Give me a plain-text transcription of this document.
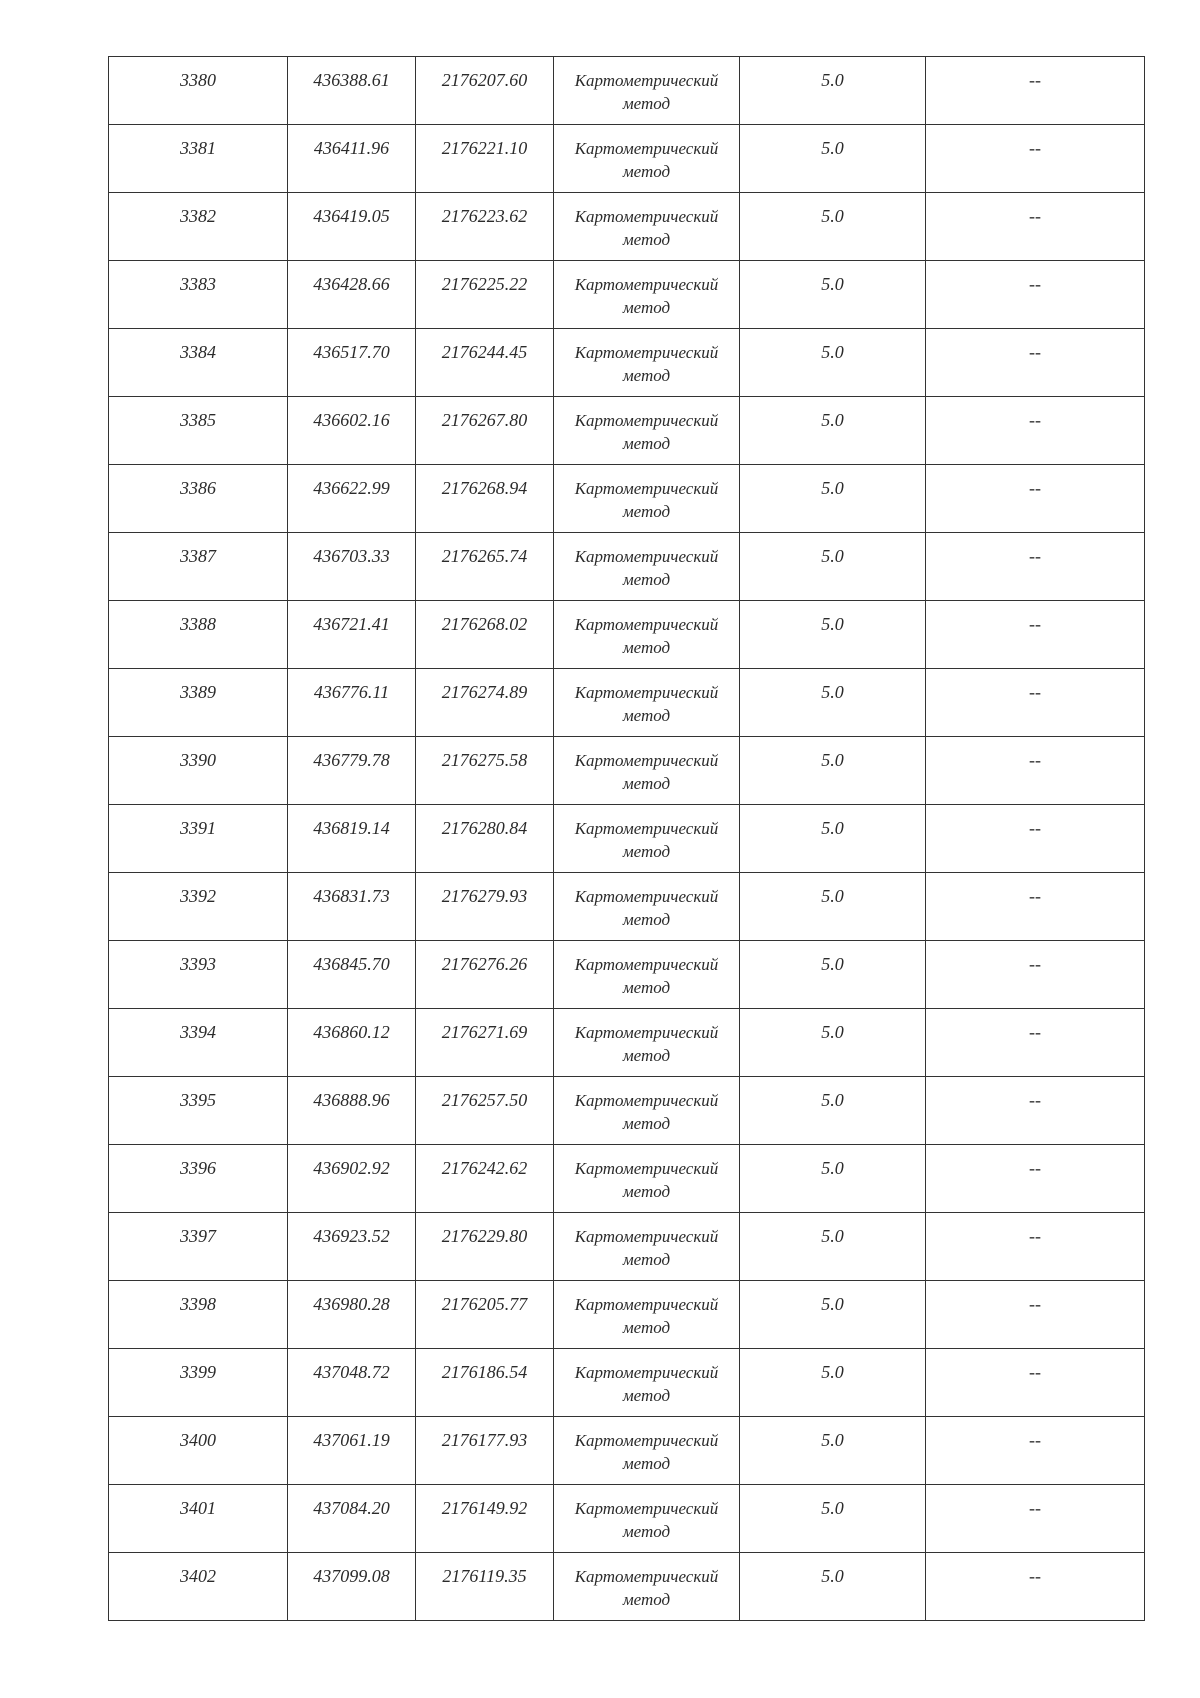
3380	436388.61	2176207.60	Картометрический метод	5.0	--

3381	436411.96	2176221.10	Картометрический метод	5.0	--

3382	436419.05	2176223.62	Картометрический метод	5.0	--

3383	436428.66	2176225.22	Картометрический метод	5.0	--

3384	436517.70	2176244.45	Картометрический метод	5.0	--

3385	436602.16	2176267.80	Картометрический метод	5.0	--

3386	436622.99	2176268.94	Картометрический метод	5.0	--

3387	436703.33	2176265.74	Картометрический метод	5.0	--

3388	436721.41	2176268.02	Картометрический метод	5.0	--

3389	436776.11	2176274.89	Картометрический метод	5.0	--

3390	436779.78	2176275.58	Картометрический метод	5.0	--

3391	436819.14	2176280.84	Картометрический метод	5.0	--

3392	436831.73	2176279.93	Картометрический метод	5.0	--

3393	436845.70	2176276.26	Картометрический метод	5.0	--

3394	436860.12	2176271.69	Картометрический метод	5.0	--

3395	436888.96	2176257.50	Картометрический метод	5.0	--

3396	436902.92	2176242.62	Картометрический метод	5.0	--

3397	436923.52	2176229.80	Картометрический метод	5.0	--

3398	436980.28	2176205.77	Картометрический метод	5.0	--

3399	437048.72	2176186.54	Картометрический метод	5.0	--

3400	437061.19	2176177.93	Картометрический метод	5.0	--

3401	437084.20	2176149.92	Картометрический метод	5.0	--

3402	437099.08	2176119.35	Картометрический метод	5.0	--
